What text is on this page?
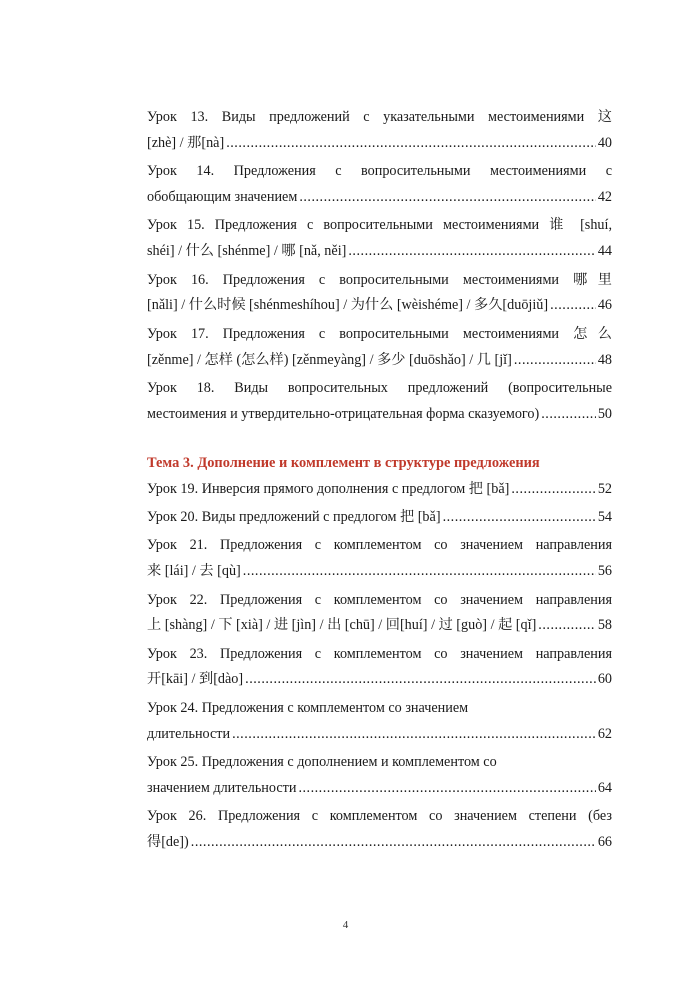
Урок 13. Виды предложений с указательными местоимениями 这
[zhè] / 那[nà] .....	40
Урок 14. Предложения с вопросительными местоимениями с
обобщающим значением .....	42
Урок 15. Предложения с вопросительными местоимениями 谁 [shuí,
shéi] / 什么 [shénme] / 哪 [nǎ, něi] .....	44
Урок 16. Предложения с вопросительными местоимениями 哪里
[nǎli] / 什么时候 [shénmeshíhou] / 为什么 [wèishéme] / 多久[duōjiǔ] .....	46
Урок 17. Предложения с вопросительными местоимениями 怎么
[zěnme] / 怎样 (怎么样) [zěnmeyàng] / 多少 [duōshǎo] / 几 [jǐ] .....	48
Урок 18. Виды вопросительных предложений (вопросительные
местоимения и утвердительно-отрицательная форма сказуемого) .....	50
Тема 3. Дополнение и комплемент в структуре предложения
Урок 19. Инверсия прямого дополнения с предлогом 把 [bǎ] .....	52
Урок 20. Виды предложений с предлогом 把 [bǎ] .....	54
Урок 21. Предложения с комплементом со значением направления
来 [lái] / 去 [qù] .....	56
Урок 22. Предложения с комплементом со значением направления
上 [shàng] / 下 [xià] / 进 [jìn] / 出 [chū] / 回[huí] / 过 [guò] / 起 [qǐ] .....	58
Урок 23. Предложения с комплементом со значением направления
开[kāi] / 到[dào] .....	60
Урок 24. Предложения с комплементом со значением
длительности .....	62
Урок 25. Предложения с дополнением и комплементом со
значением длительности .....	64
Урок 26. Предложения с комплементом со значением степени (без
得[de]) .....	66
4
